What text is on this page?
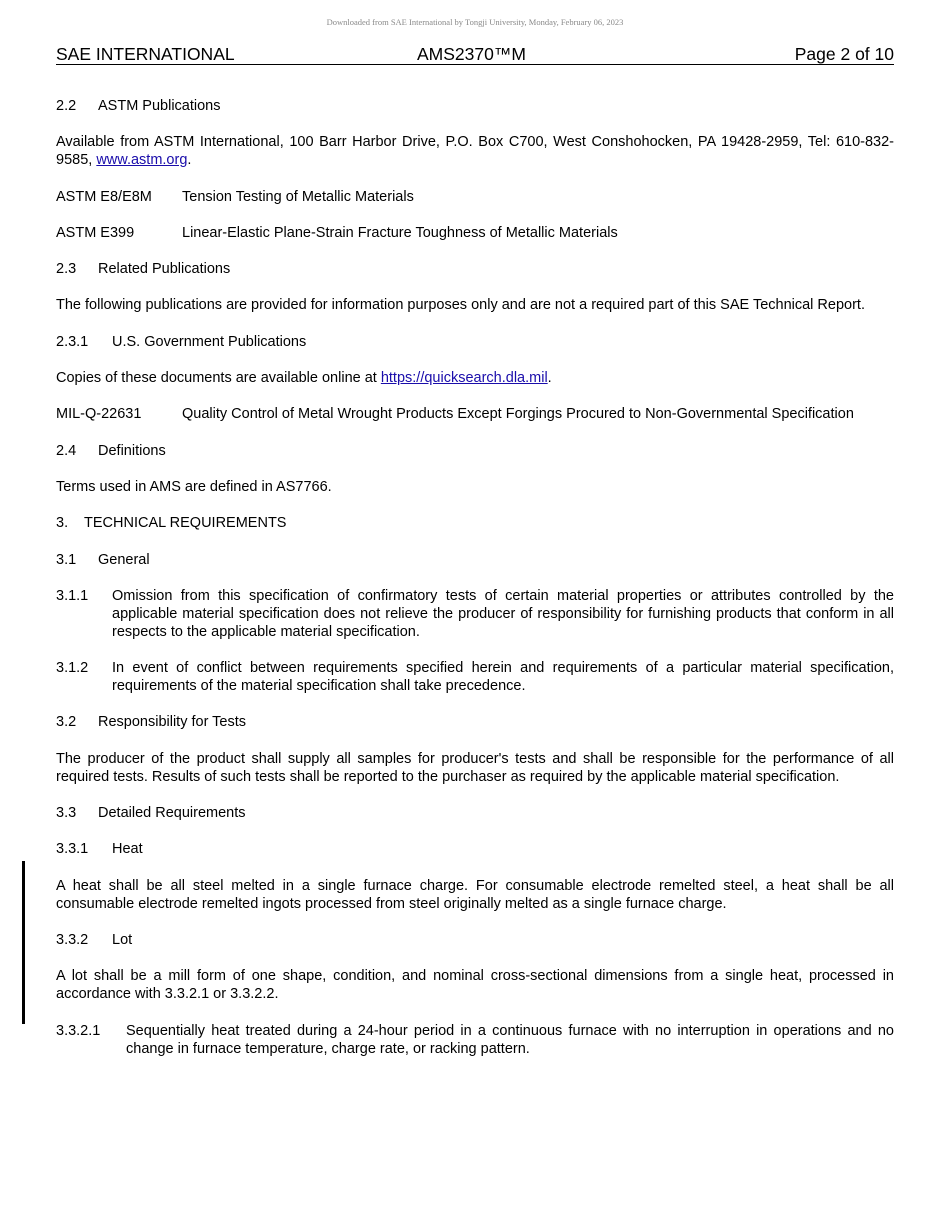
Downloaded from SAE International by Tongji University, Monday, February 06, 2023
SAE INTERNATIONAL	AMS2370™M	Page 2 of 10
2.2 ASTM Publications
Available from ASTM International, 100 Barr Harbor Drive, P.O. Box C700, West Conshohocken, PA 19428-2959, Tel: 610-832-9585, www.astm.org.
ASTM E8/E8M Tension Testing of Metallic Materials
ASTM E399	Linear-Elastic Plane-Strain Fracture Toughness of Metallic Materials
2.3 Related Publications
The following publications are provided for information purposes only and are not a required part of this SAE Technical Report.
2.3.1 U.S. Government Publications
Copies of these documents are available online at https://quicksearch.dla.mil.
MIL-Q-22631	Quality Control of Metal Wrought Products Except Forgings Procured to Non-Governmental Specification
2.4 Definitions
Terms used in AMS are defined in AS7766.
3. TECHNICAL REQUIREMENTS
3.1 General
3.1.1 Omission from this specification of confirmatory tests of certain material properties or attributes controlled by the applicable material specification does not relieve the producer of responsibility for furnishing products that conform in all respects to the applicable material specification.
3.1.2 In event of conflict between requirements specified herein and requirements of a particular material specification, requirements of the material specification shall take precedence.
3.2 Responsibility for Tests
The producer of the product shall supply all samples for producer's tests and shall be responsible for the performance of all required tests. Results of such tests shall be reported to the purchaser as required by the applicable material specification.
3.3 Detailed Requirements
3.3.1 Heat
A heat shall be all steel melted in a single furnace charge. For consumable electrode remelted steel, a heat shall be all consumable electrode remelted ingots processed from steel originally melted as a single furnace charge.
3.3.2 Lot
A lot shall be a mill form of one shape, condition, and nominal cross-sectional dimensions from a single heat, processed in accordance with 3.3.2.1 or 3.3.2.2.
3.3.2.1 Sequentially heat treated during a 24-hour period in a continuous furnace with no interruption in operations and no change in furnace temperature, charge rate, or racking pattern.
